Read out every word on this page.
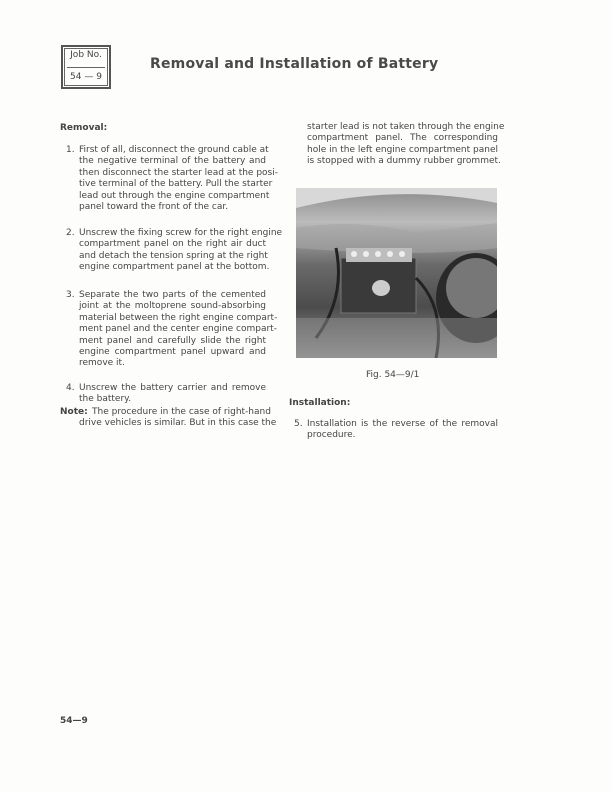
Job No.
54 — 9
Removal and Installation of Battery
Removal:
Note:
Fig. 54—9/1
Installation:
54—9
1. First of all, disconnect the ground cable at
the negative terminal of the battery and
then disconnect the starter lead at the posi-
tive terminal of the battery. Pull the starter
lead out through the engine compartment
panel toward the front of the car.
2. Unscrew the fixing screw for the right engine
compartment panel on the right air duct
and detach the tension spring at the right
engine compartment panel at the bottom.
3. Separate the two parts of the cemented
joint at the moltoprene sound-absorbing
material between the right engine compart-
ment panel and the center engine compart-
ment panel and carefully slide the right
engine compartment panel upward and
remove it.
4. Unscrew the battery carrier and remove
the battery.
The procedure in the case of right-hand
drive vehicles is similar. But in this case the
starter lead is not taken through the engine
compartment panel. The corresponding
hole in the left engine compartment panel
is stopped with a dummy rubber grommet.
5. Installation is the reverse of the removal
procedure.
